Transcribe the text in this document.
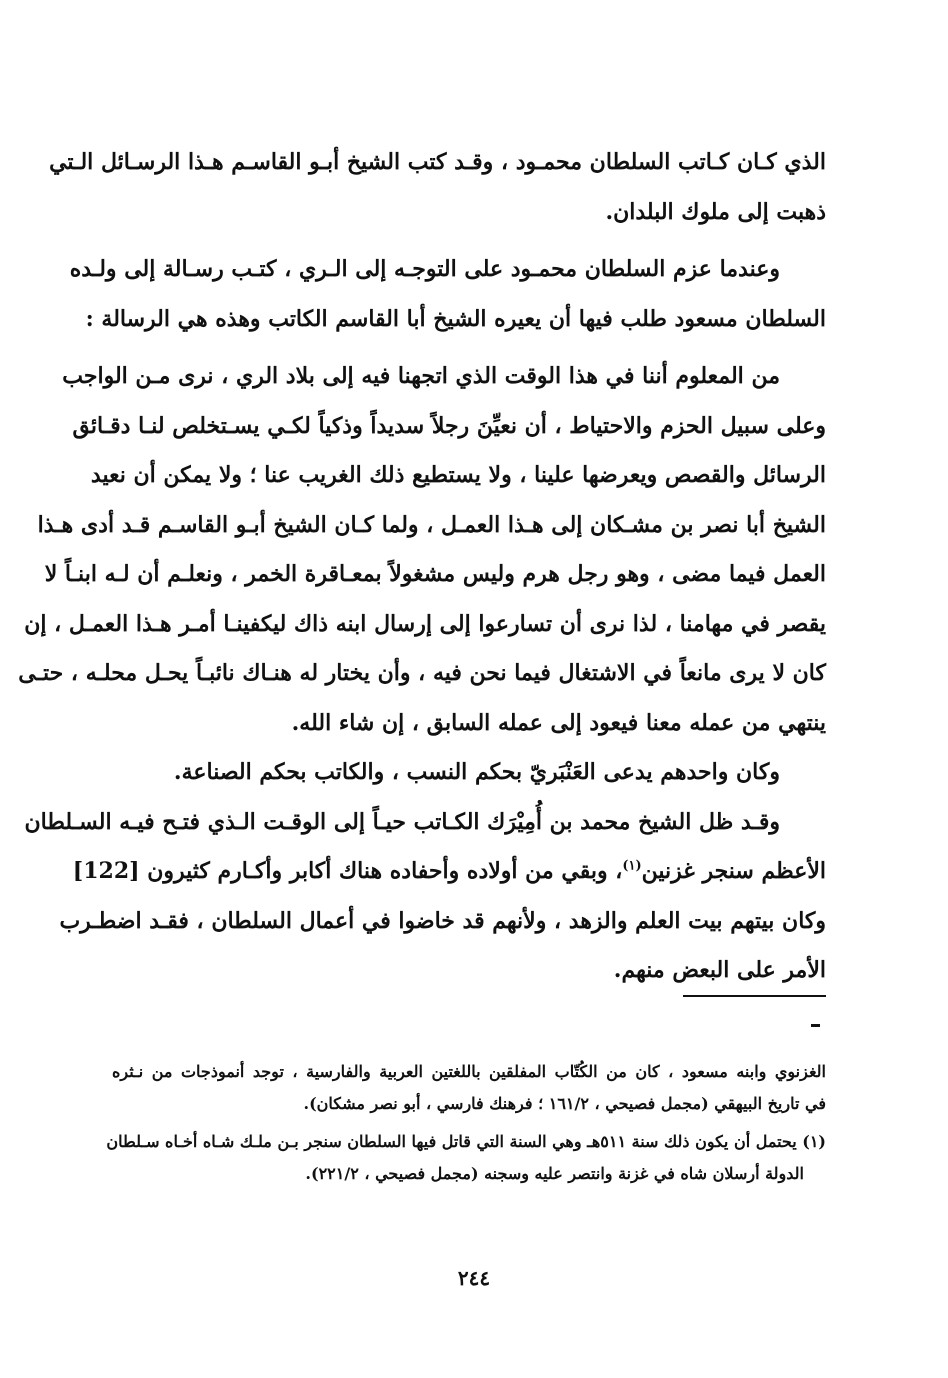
الذي كـان كـاتب السلطان محمـود ، وقـد كتب الشيخ أبـو القاسـم هـذا الرسـائل الـتي
ذهبت إلى ملوك البلدان.

وعندما عزم السلطان محمـود على التوجـه إلى الـري ، كتـب رسـالة إلى ولـده
السلطان مسعود طلب فيها أن يعيره الشيخ أبا القاسم الكاتب وهذه هي الرسالة :

من المعلوم أننا في هذا الوقت الذي اتجهنا فيه إلى بلاد الري ، نرى مـن الواجب
وعلى سبيل الحزم والاحتياط ، أن نعيِّنَ رجلاً سديداً وذكياً لكـي يسـتخلص لنـا دقـائق
الرسائل والقصص ويعرضها علينا ، ولا يستطيع ذلك الغريب عنا ؛ ولا يمكن أن نعيد
الشيخ أبا نصر بن مشـكان إلى هـذا العمـل ، ولما كـان الشيخ أبـو القاسـم قـد أدى هـذا
العمل فيما مضى ، وهو رجل هرم وليس مشغولاً بمعـاقرة الخمر ، ونعلـم أن لـه ابنـاً لا
يقصر في مهامنا ، لذا نرى أن تسارعوا إلى إرسال ابنه ذاك ليكفينـا أمـر هـذا العمـل ، إن
كان لا يرى مانعاً في الاشتغال فيما نحن فيه ، وأن يختار له هنـاك نائبـاً يحـل محلـه ، حتـى
ينتهي من عمله معنا فيعود إلى عمله السابق ، إن شاء الله.

وكان واحدهم يدعى العَنْبَريّ بحكم النسب ، والكاتب بحكم الصناعة.

وقـد ظل الشيخ محمد بن أُمِيْرَك الكـاتب حيـاً إلى الوقـت الـذي فتـح فيـه السـلطان
الأعظم سنجر غزنين$^{(١)}$، وبقي من أولاده وأحفاده هناك أكابر وأكـارم كثيرون [122]
وكان بيتهم بيت العلم والزهد ، ولأنهم قد خاضوا في أعمال السلطان ، فقـد اضطـرب
الأمر على البعض منهم.

الغزنوي وابنه مسعود ، كان من الكُتّاب المفلقين باللغتين العربية والفارسية ، توجد أنموذجات من نـثره
في تاريخ البيهقي (مجمل فصيحي ، ١٦١/٢ ؛ فرهنك فارسي ، أبو نصر مشكان).
(١) يحتمل أن يكون ذلك سنة ٥١١هـ وهي السنة التي قاتل فيها السلطان سنجر بـن ملـك شـاه أخـاه سـلطان
الدولة أرسلان شاه في غزنة وانتصر عليه وسجنه (مجمل فصيحي ، ٢٢١/٢).
٢٤٤
